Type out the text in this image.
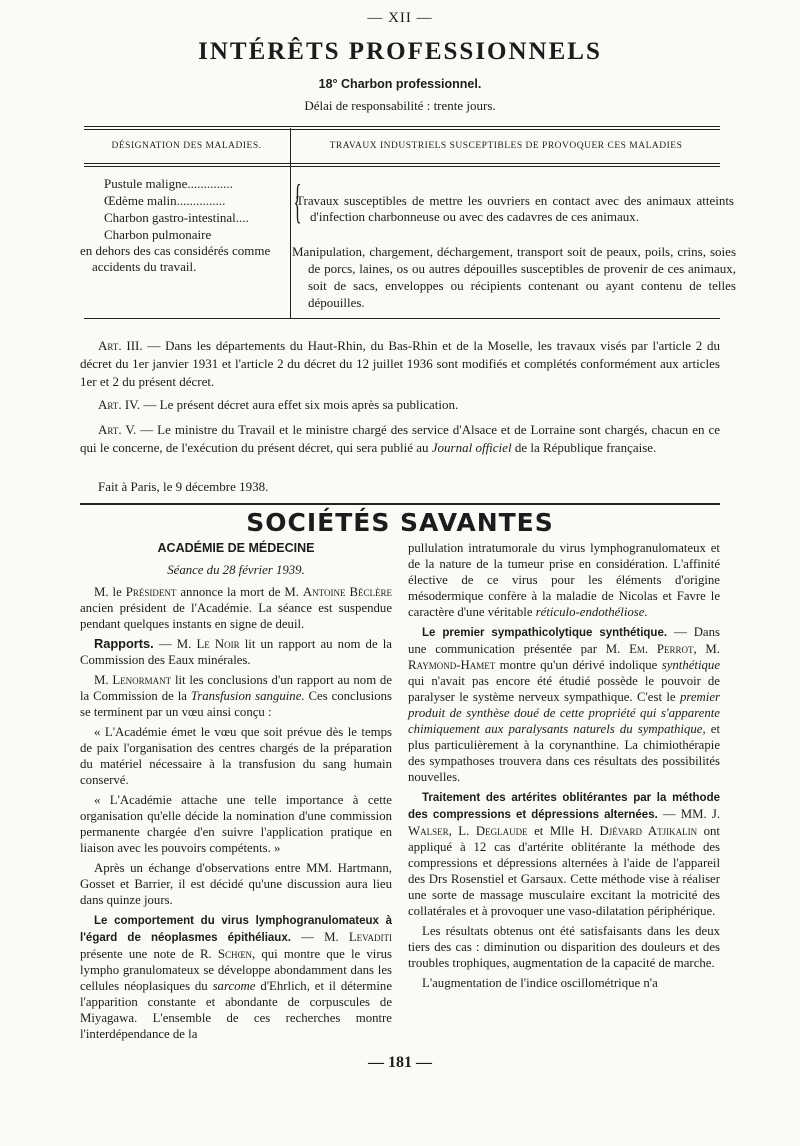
— XII —
INTÉRÊTS PROFESSIONNELS
18° Charbon professionnel.
Délai de responsabilité : trente jours.
DÉSIGNATION DES MALADIES.	TRAVAUX INDUSTRIELS SUSCEPTIBLES DE PROVOQUER CES MALADIES
Pustule maligne..............
Œdème malin...............
Charbon gastro-intestinal....
Charbon pulmonaire
en dehors des cas considérés comme accidents du travail.
{
Travaux susceptibles de mettre les ouvriers en contact avec des animaux atteints d'infection charbonneuse ou avec des cadavres de ces animaux.
Manipulation, chargement, déchargement, transport soit de peaux, poils, crins, soies de porcs, laines, os ou autres dépouilles susceptibles de provenir de ces animaux, soit de sacs, enveloppes ou récipients contenant ou ayant contenu de telles dépouilles.
Art. III. — Dans les départements du Haut-Rhin, du Bas-Rhin et de la Moselle, les travaux visés par l'article 2 du décret du 1er janvier 1931 et l'article 2 du décret du 12 juillet 1936 sont modifiés et complétés conformément aux articles 1er et 2 du présent décret.
Art. IV. — Le présent décret aura effet six mois après sa publication.
Art. V. — Le ministre du Travail et le ministre chargé des service d'Alsace et de Lorraine sont chargés, chacun en ce qui le concerne, de l'exécution du présent décret, qui sera publié au Journal officiel de la République française.
Fait à Paris, le 9 décembre 1938.
SOCIÉTÉS SAVANTES

ACADÉMIE DE MÉDECINE

Séance du 28 février 1939.

M. le Président annonce la mort de M. Antoine Béclère ancien président de l'Académie. La séance est suspendue pendant quelques instants en signe de deuil.

Rapports. — M. Le Noir lit un rapport au nom de la Commission des Eaux minérales.

M. Lenormant lit les conclusions d'un rapport au nom de la Commission de la Transfusion sanguine. Ces conclusions se terminent par un vœu ainsi conçu :

« L'Académie émet le vœu que soit prévue dès le temps de paix l'organisation des centres chargés de la préparation du matériel nécessaire à la transfusion du sang humain conservé.

« L'Académie attache une telle importance à cette organisation qu'elle décide la nomination d'une commission permanente chargée d'en suivre l'application pratique en liaison avec les pouvoirs compétents. »

Après un échange d'observations entre MM. Hartmann, Gosset et Barrier, il est décidé qu'une discussion aura lieu dans quinze jours.

Le comportement du virus lymphogranulomateux à l'égard de néoplasmes épithéliaux. — M. Levaditi présente une note de R. Schœn, qui montre que le virus lympho granulomateux se développe abondamment dans les cellules néoplasiques du sarcome d'Ehrlich, et il détermine l'apparition constante et abondante de corpuscules de Miyagawa. L'ensemble de ces recherches montre l'interdépendance de la

pullulation intratumorale du virus lymphogranulomateux et de la nature de la tumeur prise en considération. L'affinité élective de ce virus pour les éléments d'origine mésodermique confère à la maladie de Nicolas et Favre le caractère d'une véritable réticulo-endothéliose.

Le premier sympathicolytique synthétique. — Dans une communication présentée par M. Em. Perrot, M. Raymond-Hamet montre qu'un dérivé indolique synthétique qui n'avait pas encore été étudié possède le pouvoir de paralyser le système nerveux sympathique. C'est le premier produit de synthèse doué de cette propriété qui s'apparente chimiquement aux paralysants naturels du sympathique, et plus particulièrement à la corynanthine. La chimiothérapie des sympathoses trouvera dans ces résultats des possibilités nouvelles.

Traitement des artérites oblitérantes par la méthode des compressions et dépressions alternées. — MM. J. Walser, L. Deglaude et Mlle H. Djévard Atjikalin ont appliqué à 12 cas d'artérite oblitérante la méthode des compressions et dépressions alternées à l'aide de l'appareil des Drs Rosenstiel et Garsaux. Cette méthode vise à réaliser une sorte de massage musculaire excitant la motricité des collatérales et à provoquer une vaso-dilatation périphérique.

Les résultats obtenus ont été satisfaisants dans les deux tiers des cas : diminution ou disparition des douleurs et des troubles trophiques, augmentation de la capacité de marche.

L'augmentation de l'indice oscillométrique n'a

— 181 —
